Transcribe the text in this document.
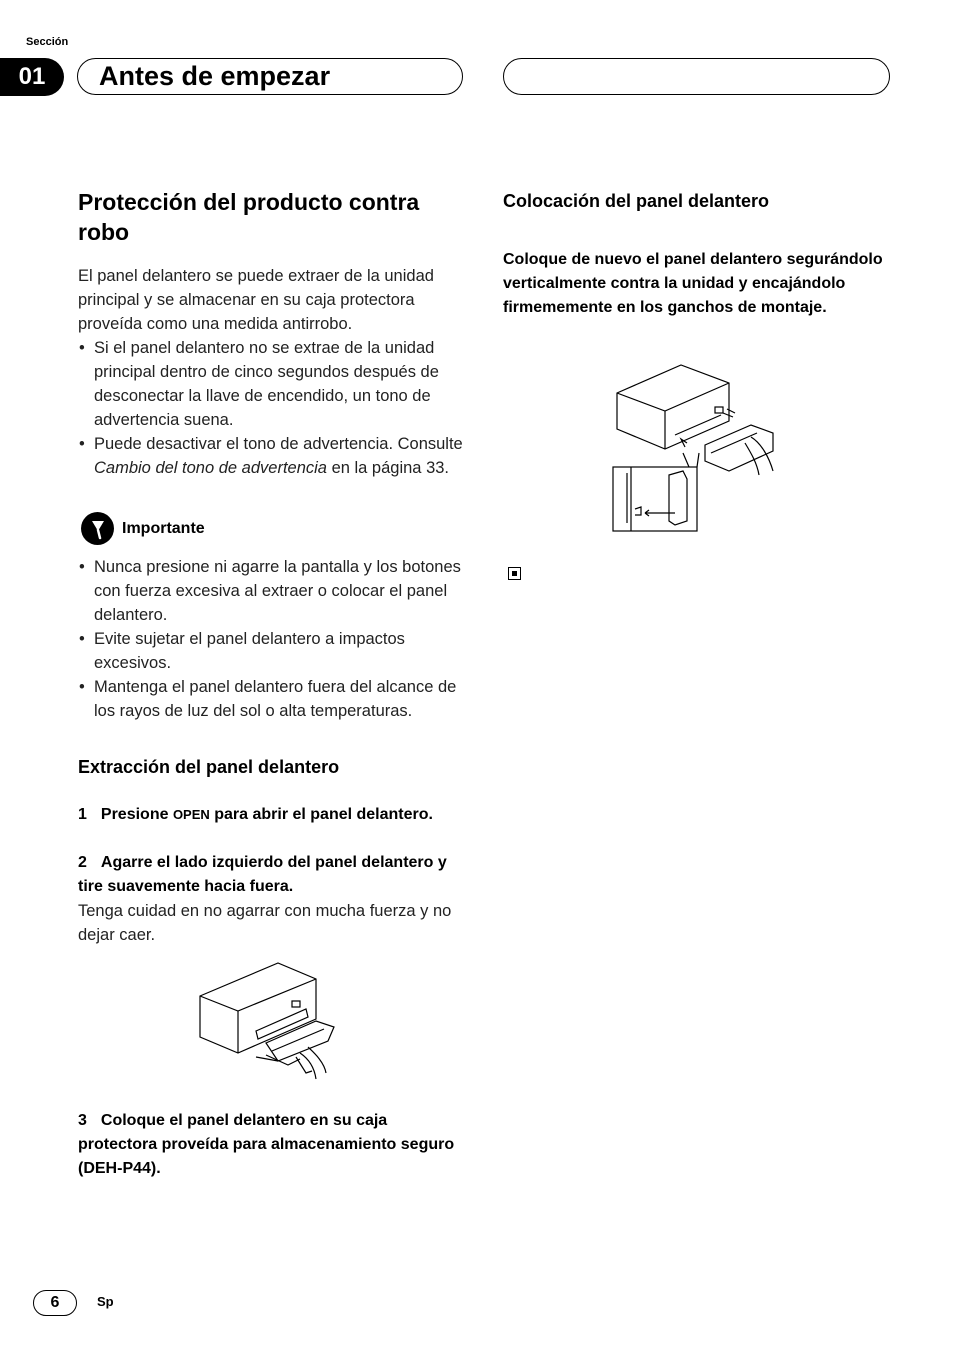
Sección
01	Antes de empezar
Protección del producto contra robo

El panel delantero se puede extraer de la unidad principal y se almacenar en su caja protectora proveída como una medida antirrobo.

• Si el panel delantero no se extrae de la unidad principal dentro de cinco segundos después de desconectar la llave de encendido, un tono de advertencia suena.
• Puede desactivar el tono de advertencia. Consulte Cambio del tono de advertencia en la página 33.
Importante
• Nunca presione ni agarre la pantalla y los botones con fuerza excesiva al extraer o colocar el panel delantero.
• Evite sujetar el panel delantero a impactos excesivos.
• Mantenga el panel delantero fuera del alcance de los rayos de luz del sol o alta temperaturas.
Extracción del panel delantero

1 Presione OPEN para abrir el panel delantero.

2 Agarre el lado izquierdo del panel delantero y tire suavemente hacia fuera.

Tenga cuidad en no agarrar con mucha fuerza y no dejar caer.

3 Coloque el panel delantero en su caja protectora proveída para almacenamiento seguro (DEH-P44).

Colocación del panel delantero

Coloque de nuevo el panel delantero segurándolo verticalmente contra la unidad y encajándolo firmememente en los ganchos de montaje.

6	Sp
